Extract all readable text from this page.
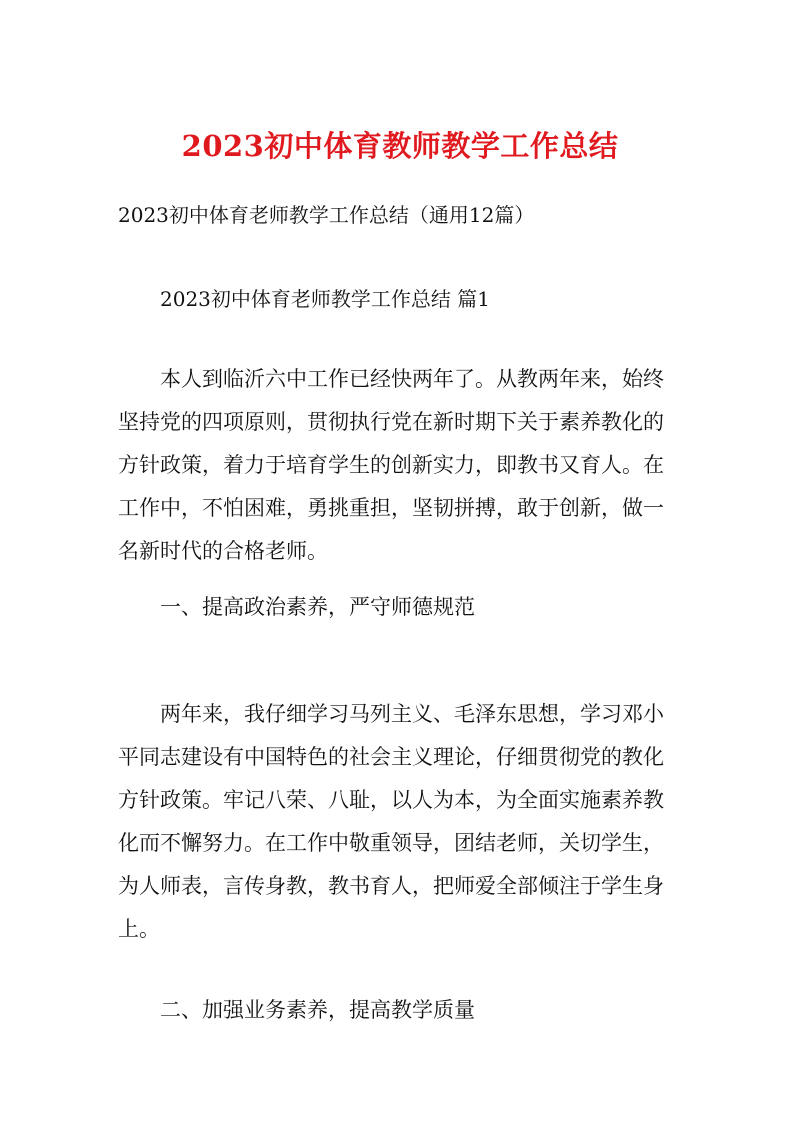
2023初中体育教师教学工作总结
2023初中体育老师教学工作总结（通用12篇）
2023初中体育老师教学工作总结 篇1
本人到临沂六中工作已经快两年了。从教两年来，始终
坚持党的四项原则，贯彻执行党在新时期下关于素养教化的
方针政策，着力于培育学生的创新实力，即教书又育人。在
工作中，不怕困难，勇挑重担，坚韧拼搏，敢于创新，做一
名新时代的合格老师。
一、提高政治素养，严守师德规范
两年来，我仔细学习马列主义、毛泽东思想，学习邓小
平同志建设有中国特色的社会主义理论，仔细贯彻党的教化
方针政策。牢记八荣、八耻，以人为本，为全面实施素养教
化而不懈努力。在工作中敬重领导，团结老师，关切学生，
为人师表，言传身教，教书育人，把师爱全部倾注于学生身
上。
二、加强业务素养，提高教学质量
